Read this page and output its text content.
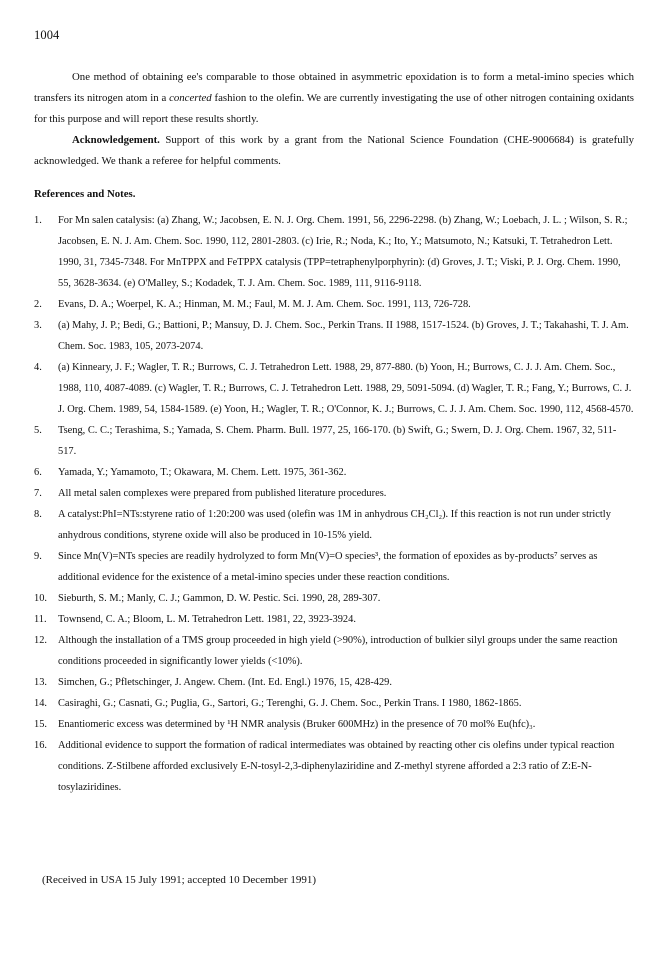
1004

One method of obtaining ee's comparable to those obtained in asymmetric epoxidation is to form a metal-imino species which transfers its nitrogen atom in a concerted fashion to the olefin. We are currently investigating the use of other nitrogen containing oxidants for this purpose and will report these results shortly.

Acknowledgement. Support of this work by a grant from the National Science Foundation (CHE-9006684) is gratefully acknowledged. We thank a referee for helpful comments.

References and Notes.
1.	For Mn salen catalysis: (a) Zhang, W.; Jacobsen, E. N. J. Org. Chem. 1991, 56, 2296-2298. (b) Zhang, W.; Loebach, J. L. ; Wilson, S. R.; Jacobsen, E. N. J. Am. Chem. Soc. 1990, 112, 2801-2803. (c) Irie, R.; Noda, K.; Ito, Y.; Matsumoto, N.; Katsuki, T. Tetrahedron Lett. 1990, 31, 7345-7348. For MnTPPX and FeTPPX catalysis (TPP=tetraphenylporphyrin): (d) Groves, J. T.; Viski, P. J. Org. Chem. 1990, 55, 3628-3634. (e) O'Malley, S.; Kodadek, T. J. Am. Chem. Soc. 1989, 111, 9116-9118.
2.	Evans, D. A.; Woerpel, K. A.; Hinman, M. M.; Faul, M. M. J. Am. Chem. Soc. 1991, 113, 726-728.
3.	(a) Mahy, J. P.; Bedi, G.; Battioni, P.; Mansuy, D. J. Chem. Soc., Perkin Trans. II 1988, 1517-1524. (b) Groves, J. T.; Takahashi, T. J. Am. Chem. Soc. 1983, 105, 2073-2074.
4.	(a) Kinneary, J. F.; Wagler, T. R.; Burrows, C. J. Tetrahedron Lett. 1988, 29, 877-880. (b) Yoon, H.; Burrows, C. J. J. Am. Chem. Soc., 1988, 110, 4087-4089. (c) Wagler, T. R.; Burrows, C. J. Tetrahedron Lett. 1988, 29, 5091-5094. (d) Wagler, T. R.; Fang, Y.; Burrows, C. J. J. Org. Chem. 1989, 54, 1584-1589. (e) Yoon, H.; Wagler, T. R.; O'Connor, K. J.; Burrows, C. J. J. Am. Chem. Soc. 1990, 112, 4568-4570.
5.	Tseng, C. C.; Terashima, S.; Yamada, S. Chem. Pharm. Bull. 1977, 25, 166-170. (b) Swift, G.; Swern, D. J. Org. Chem. 1967, 32, 511-517.
6.	Yamada, Y.; Yamamoto, T.; Okawara, M. Chem. Lett. 1975, 361-362.
7.	All metal salen complexes were prepared from published literature procedures.
8.	A catalyst:PhI=NTs:styrene ratio of 1:20:200 was used (olefin was 1M in anhydrous CH₂Cl₂). If this reaction is not run under strictly anhydrous conditions, styrene oxide will also be produced in 10-15% yield.
9.	Since Mn(V)=NTs species are readily hydrolyzed to form Mn(V)=O species³, the formation of epoxides as by-products⁷ serves as additional evidence for the existence of a metal-imino species under these reaction conditions.
10.	Sieburth, S. M.; Manly, C. J.; Gammon, D. W. Pestic. Sci. 1990, 28, 289-307.
11.	Townsend, C. A.; Bloom, L. M. Tetrahedron Lett. 1981, 22, 3923-3924.
12.	Although the installation of a TMS group proceeded in high yield (>90%), introduction of bulkier silyl groups under the same reaction conditions proceeded in significantly lower yields (<10%).
13.	Simchen, G.; Pfletschinger, J. Angew. Chem. (Int. Ed. Engl.) 1976, 15, 428-429.
14.	Casiraghi, G.; Casnati, G.; Puglia, G., Sartori, G.; Terenghi, G. J. Chem. Soc., Perkin Trans. I 1980, 1862-1865.
15.	Enantiomeric excess was determined by ¹H NMR analysis (Bruker 600MHz) in the presence of 70 mol% Eu(hfc)₃.
16.	Additional evidence to support the formation of radical intermediates was obtained by reacting other cis olefins under typical reaction conditions. Z-Stilbene afforded exclusively E-N-tosyl-2,3-diphenylaziridine and Z-methyl styrene afforded a 2:3 ratio of Z:E-N-tosylaziridines.
(Received in USA 15 July 1991; accepted 10 December 1991)
